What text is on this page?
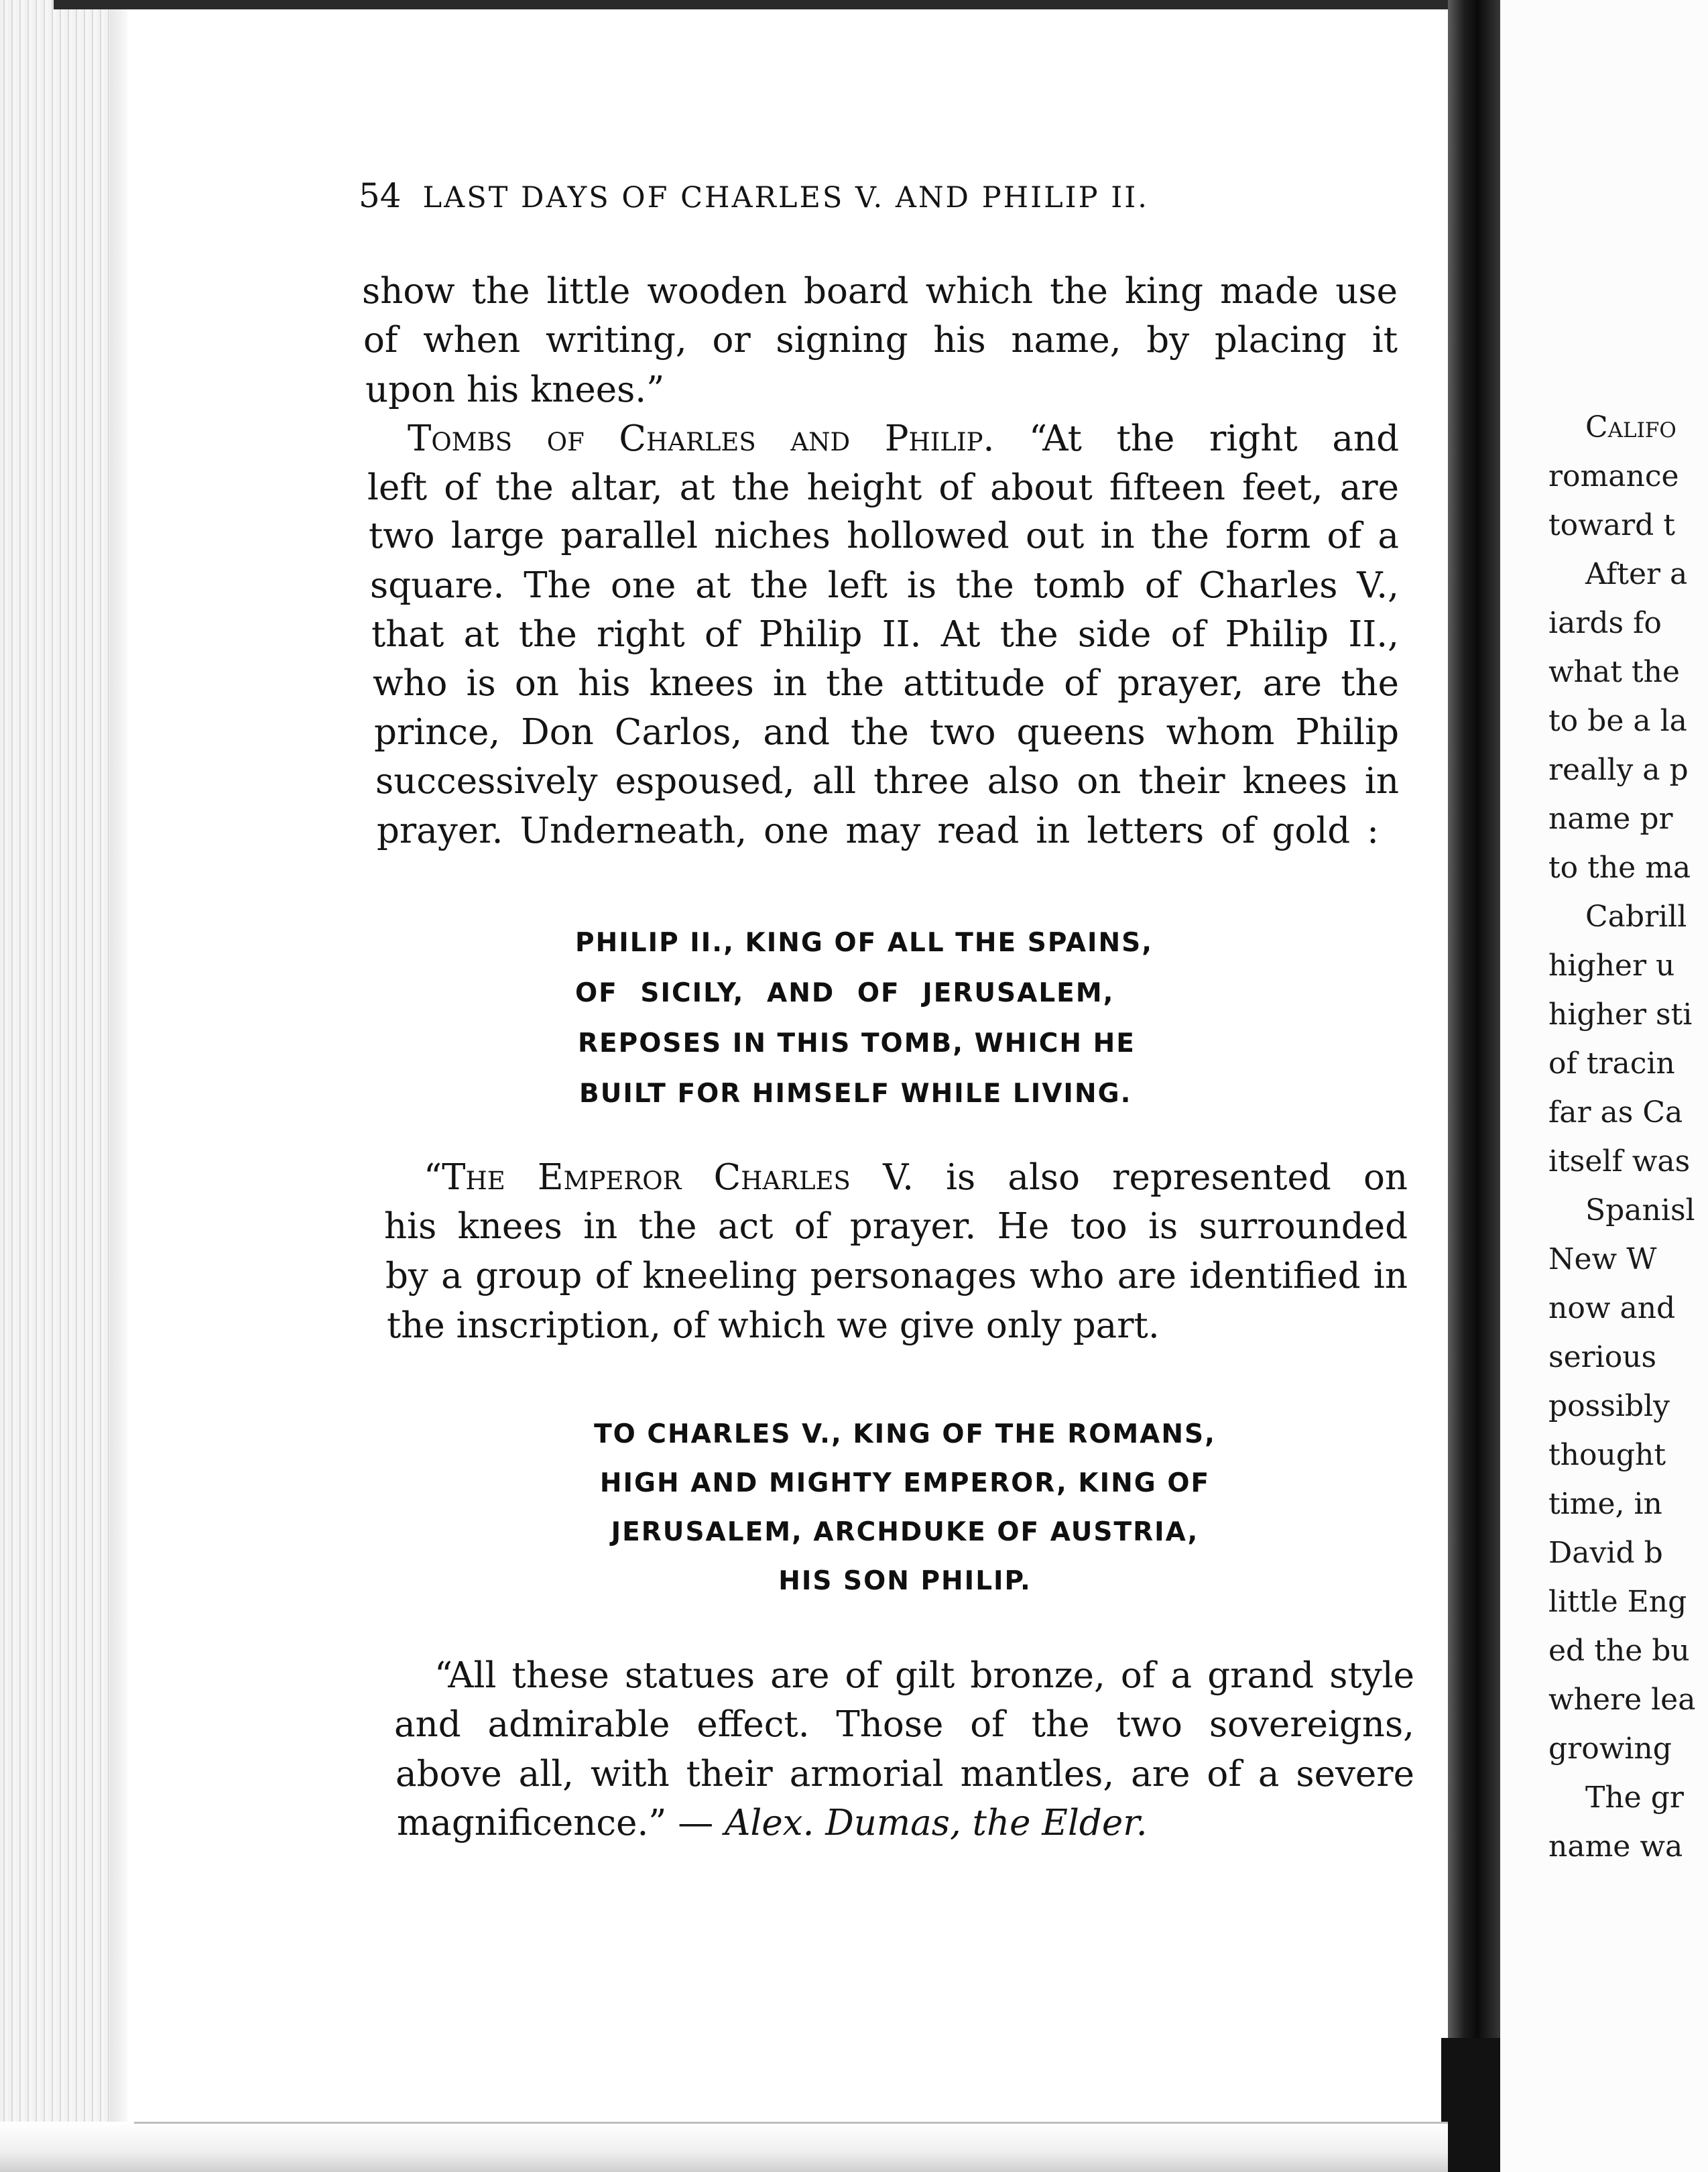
54 LAST DAYS OF CHARLES V. AND PHILIP II.
show the little wooden board which the king made use
of when writing, or signing his name, by placing it
upon his knees.”
Tombs of Charles and Philip. “At the right and
left of the altar, at the height of about fifteen feet, are
two large parallel niches hollowed out in the form of a
square. The one at the left is the tomb of Charles V.,
that at the right of Philip II. At the side of Philip II.,
who is on his knees in the attitude of prayer, are the
prince, Don Carlos, and the two queens whom Philip
successively espoused, all three also on their knees in
prayer. Underneath, one may read in letters of gold :
PHILIP II., KING OF ALL THE SPAINS,
OF SICILY, AND OF JERUSALEM,
REPOSES IN THIS TOMB, WHICH HE
BUILT FOR HIMSELF WHILE LIVING.
“The Emperor Charles V. is also represented on
his knees in the act of prayer. He too is surrounded
by a group of kneeling personages who are identified in
the inscription, of which we give only part.
TO CHARLES V., KING OF THE ROMANS,
HIGH AND MIGHTY EMPEROR, KING OF
JERUSALEM, ARCHDUKE OF AUSTRIA,
HIS SON PHILIP.
“All these statues are of gilt bronze, of a grand style
and admirable effect. Those of the two sovereigns,
above all, with their armorial mantles, are of a severe
magnificence.” — Alex. Dumas, the Elder.
Califo
romance
toward t
After a
iards fo
what the
to be a la
really a p
name pr
to the ma
Cabrill
higher u
higher sti
of tracin
far as Ca
itself was
Spanisl
New W
now and
serious
possibly
thought
time, in
David b
little Eng
ed the bu
where lea
growing
The gr
name wa
